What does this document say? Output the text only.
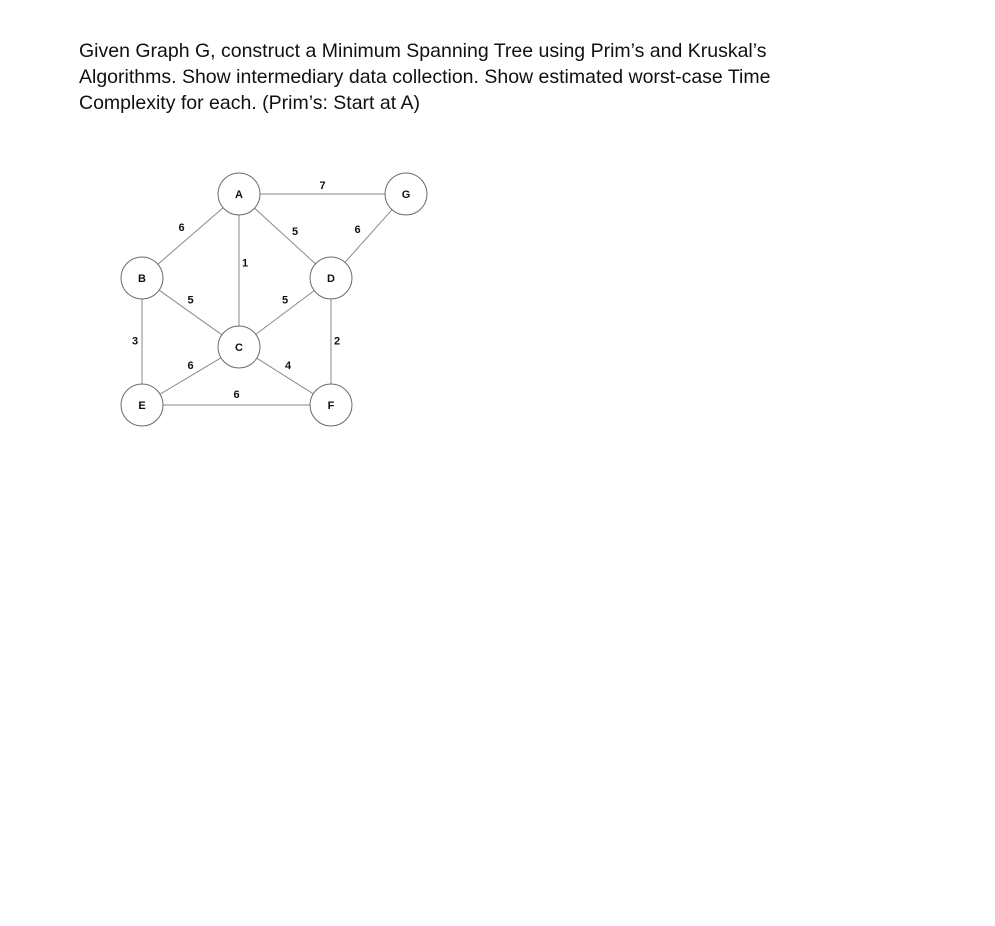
Given Graph G, construct a Minimum Spanning Tree using Prim’s and Kruskal’s
Algorithms. Show intermediary data collection. Show estimated worst-case Time
Complexity for each. (Prim’s: Start at A)
A	G
B	D
C
E	F
7
6	5	6
1
5	5
3	2
6	4
6
